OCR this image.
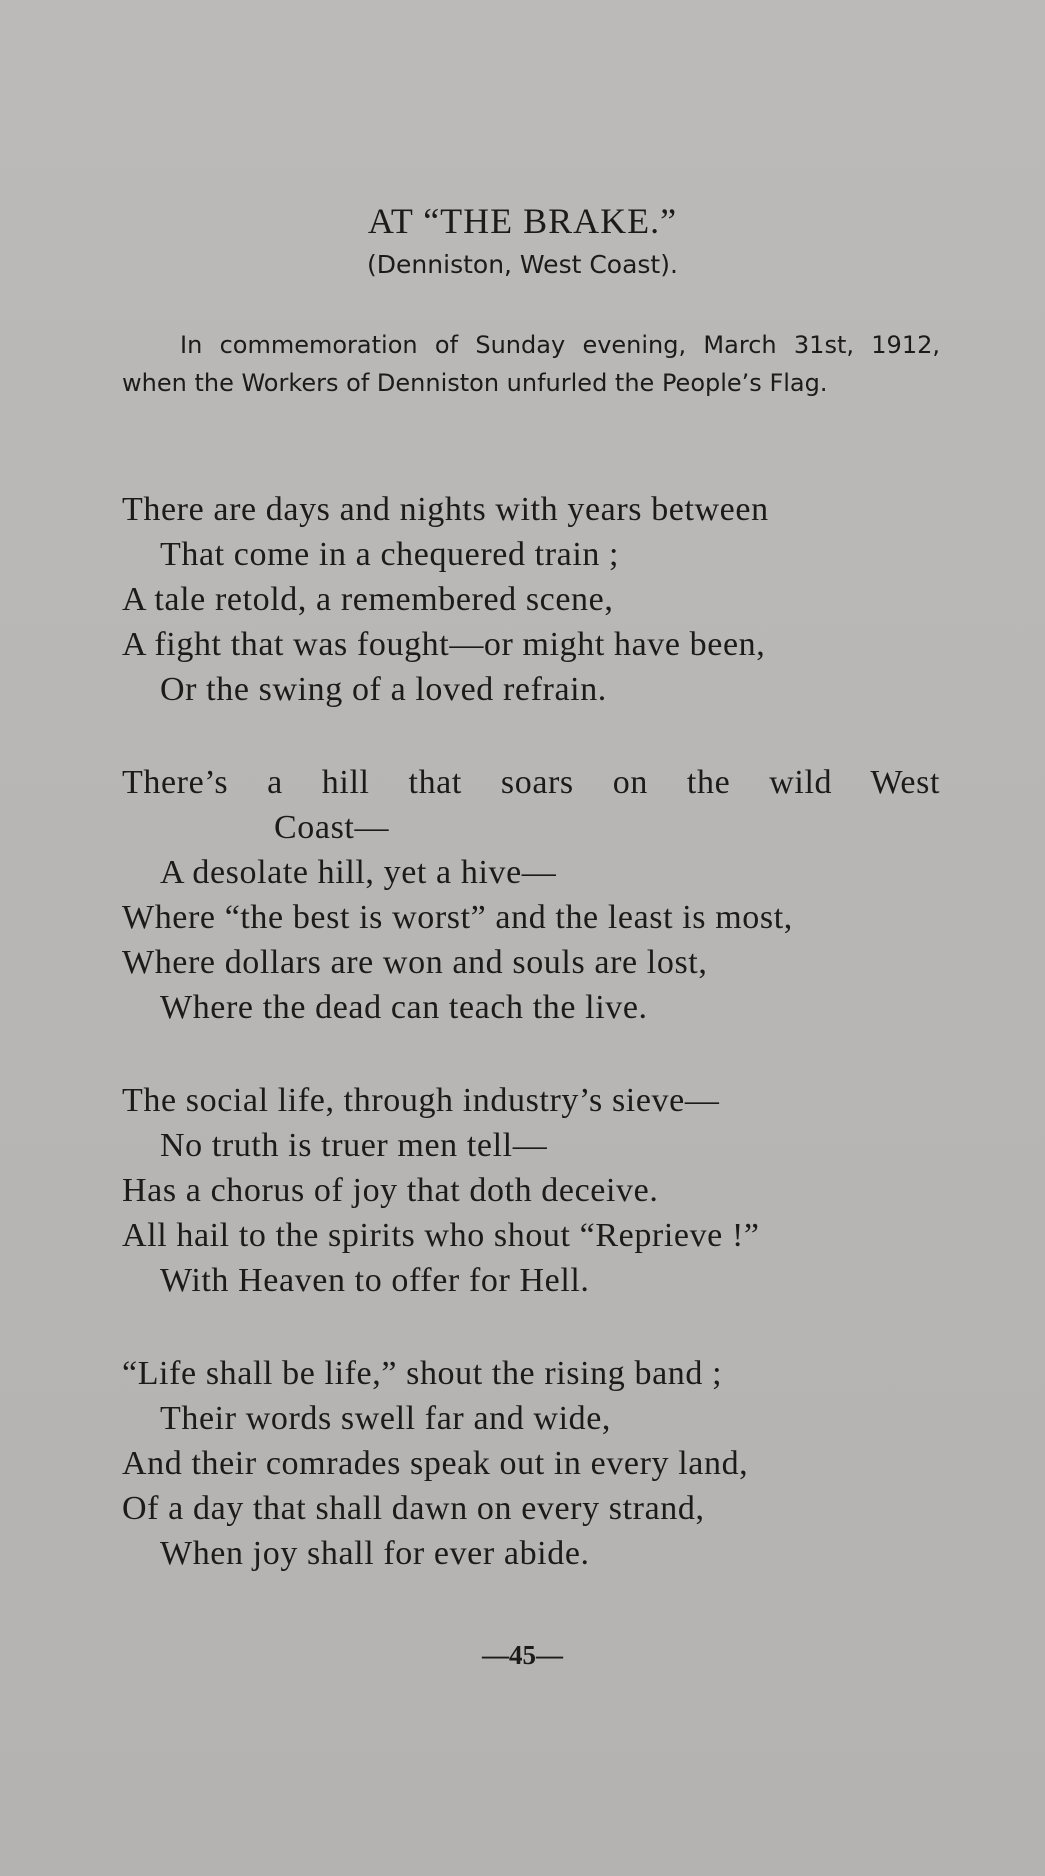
AT “THE BRAKE.”

(Denniston, West Coast).

In commemoration of Sunday evening, March 31st, 1912, when the Workers of Denniston unfurled the People’s Flag.

There are days and nights with years between
That come in a chequered train ;
A tale retold, a remembered scene,
A fight that was fought—or might have been,
Or the swing of a loved refrain.
There’s a hill that soars on the wild West
Coast—
A desolate hill, yet a hive—
Where “the best is worst” and the least is most,
Where dollars are won and souls are lost,
Where the dead can teach the live.
The social life, through industry’s sieve—
No truth is truer men tell—
Has a chorus of joy that doth deceive.
All hail to the spirits who shout “Reprieve !”
With Heaven to offer for Hell.
“Life shall be life,” shout the rising band ;
Their words swell far and wide,
And their comrades speak out in every land,
Of a day that shall dawn on every strand,
When joy shall for ever abide.

—45—
